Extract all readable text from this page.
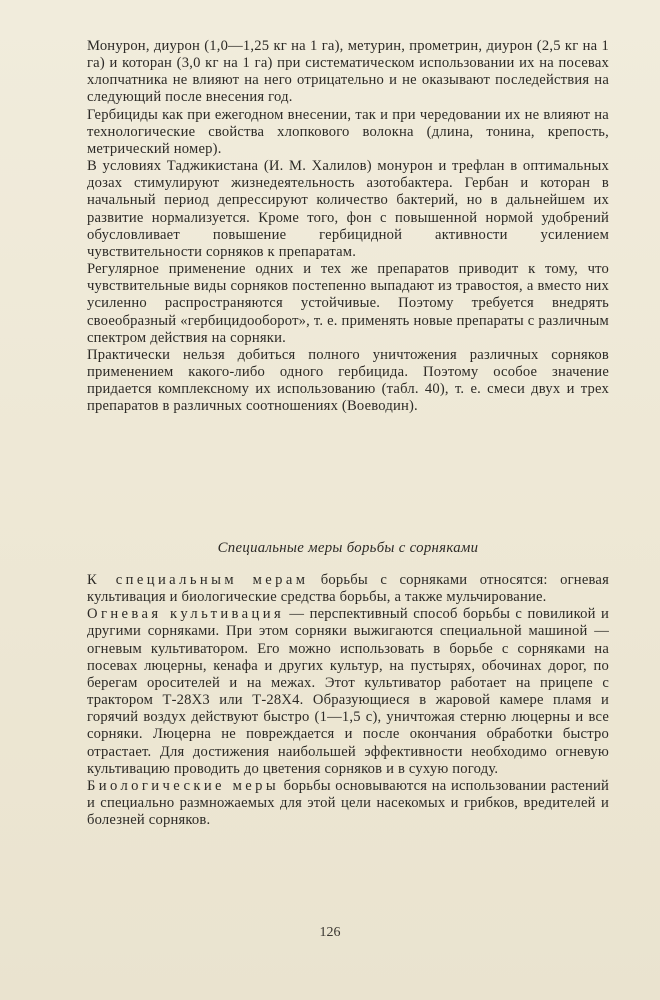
Монурон, диурон (1,0—1,25 кг на 1 га), метурин, прометрин, диурон (2,5 кг на 1 га) и которан (3,0 кг на 1 га) при систематическом использовании их на посевах хлопчатника не влияют на него отрицательно и не оказывают последействия на следующий после внесения год.

Гербициды как при ежегодном внесении, так и при чередовании их не влияют на технологические свойства хлопкового волокна (длина, тонина, крепость, метрический номер).

В условиях Таджикистана (И. М. Халилов) монурон и трефлан в оптимальных дозах стимулируют жизнедеятельность азотобактера. Гербан и которан в начальный период депрессируют количество бактерий, но в дальнейшем их развитие нормализуется. Кроме того, фон с повышенной нормой удобрений обусловливает повышение гербицидной активности усилением чувствительности сорняков к препаратам.

Регулярное применение одних и тех же препаратов приводит к тому, что чувствительные виды сорняков постепенно выпадают из травостоя, а вместо них усиленно распространяются устойчивые. Поэтому требуется внедрять своеобразный «гербицидооборот», т. е. применять новые препараты с различным спектром действия на сорняки.

Практически нельзя добиться полного уничтожения различных сорняков применением какого-либо одного гербицида. Поэтому особое значение придается комплексному их использованию (табл. 40), т. е. смеси двух и трех препаратов в различных соотношениях (Воеводин).

Специальные меры борьбы с сорняками

К специальным мерам борьбы с сорняками относятся: огневая культивация и биологические средства борьбы, а также мульчирование.

Огневая культивация — перспективный способ борьбы с повиликой и другими сорняками. При этом сорняки выжигаются специальной машиной — огневым культиватором. Его можно использовать в борьбе с сорняками на посевах люцерны, кенафа и других культур, на пустырях, обочинах дорог, по берегам оросителей и на межах. Этот культиватор работает на прицепе с трактором Т-28Х3 или Т-28Х4. Образующиеся в жаровой камере пламя и горячий воздух действуют быстро (1—1,5 с), уничтожая стерню люцерны и все сорняки. Люцерна не повреждается и после окончания обработки быстро отрастает. Для достижения наибольшей эффективности необходимо огневую культивацию проводить до цветения сорняков и в сухую погоду.

Биологические меры борьбы основываются на использовании растений и специально размножаемых для этой цели насекомых и грибков, вредителей и болезней сорняков.

126
